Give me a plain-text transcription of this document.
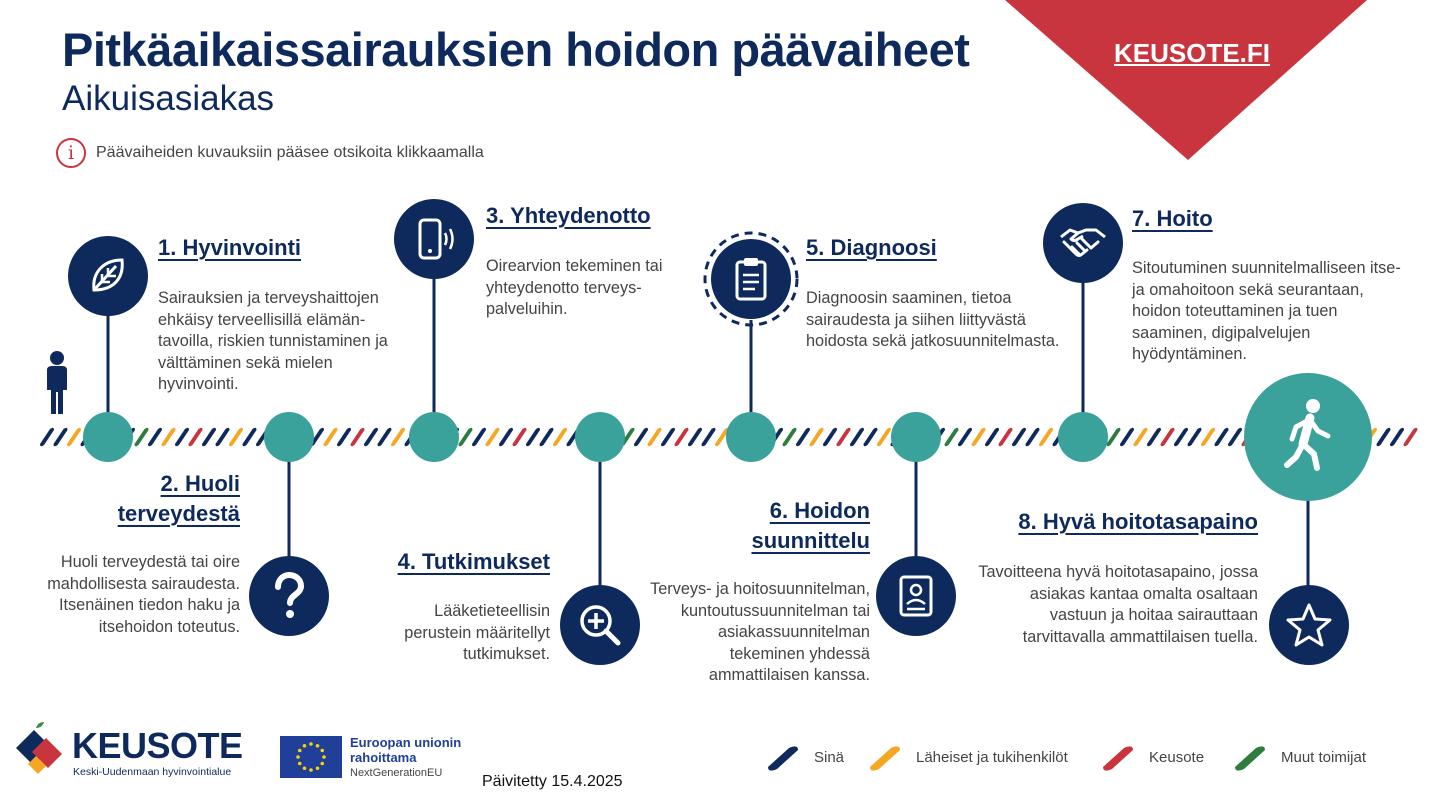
KEUSOTE.FI
Pitkäaikaissairauksien hoidon päävaiheet
Aikuisasiakas
i	Päävaiheiden kuvauksiin pääsee otsikoita klikkaamalla
1. Hyvinvointi
Sairauksien ja terveyshaittojen ehkäisy terveellisillä elämäntavoilla, riskien tunnistaminen ja välttäminen sekä mielen hyvinvointi.
2. Huoli terveydestä
Huoli terveydestä tai oire mahdollisesta sairaudesta. Itsenäinen tiedon haku ja itsehoidon toteutus.
3. Yhteydenotto
Oirearvion tekeminen tai yhteydenotto terveyspalveluihin.
4. Tutkimukset
Lääketieteellisin perustein määritellyt tutkimukset.
5. Diagnoosi
Diagnoosin saaminen, tietoa sairaudesta ja siihen liittyvästä hoidosta sekä jatkosuunnitelmasta.
6. Hoidon suunnittelu
Terveys- ja hoitosuunnitelman, kuntoutussuunnitelman tai asiakassuunnitelman tekeminen yhdessä ammattilaisen kanssa.
7. Hoito
Sitoutuminen suunnitelmalliseen itse- ja omahoitoon sekä seurantaan, hoidon toteuttaminen ja tuen saaminen, digipalvelujen hyödyntäminen.
8. Hyvä hoitotasapaino
Tavoitteena hyvä hoitotasapaino, jossa asiakas kantaa omalta osaltaan vastuun ja hoitaa sairauttaan tarvittavalla ammattilaisen tuella.
KEUSOTE
Keski-Uudenmaan hyvinvointialue
Euroopan unionin
rahoittama
NextGenerationEU Päivitetty 15.4.2025
Sinä	Läheiset ja tukihenkilöt	Keusote	Muut toimijat
